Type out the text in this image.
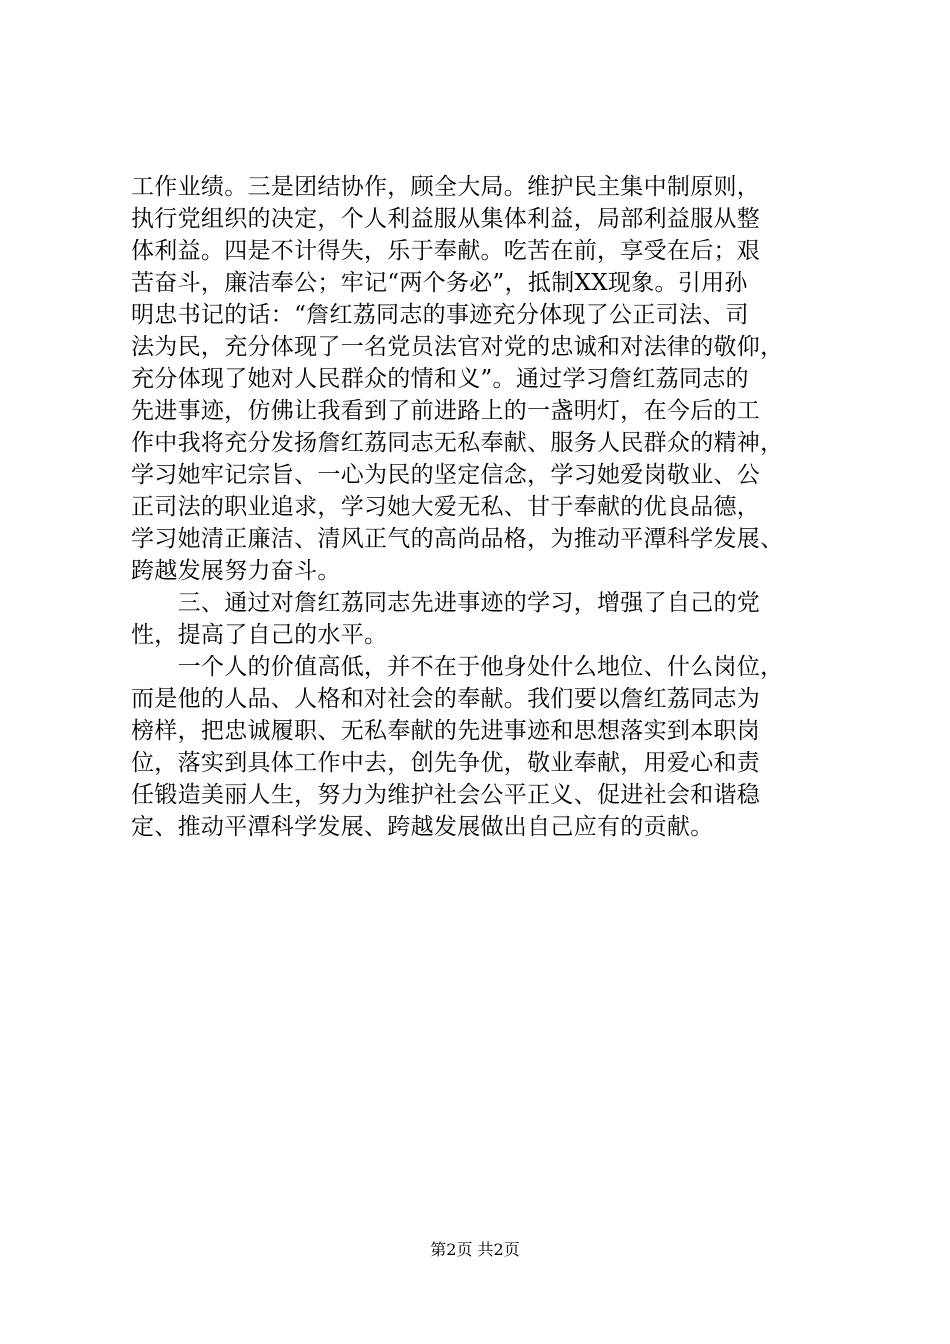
工作业绩。三是团结协作，顾全大局。维护民主集中制原则，
执行党组织的决定，个人利益服从集体利益，局部利益服从整
体利益。四是不计得失，乐于奉献。吃苦在前，享受在后；艰
苦奋斗，廉洁奉公；牢记“两个务必”，抵制XX现象。引用孙
明忠书记的话：“詹红荔同志的事迹充分体现了公正司法、司
法为民，充分体现了一名党员法官对党的忠诚和对法律的敬仰，
充分体现了她对人民群众的情和义”。通过学习詹红荔同志的
先进事迹，仿佛让我看到了前进路上的一盏明灯，在今后的工
作中我将充分发扬詹红荔同志无私奉献、服务人民群众的精神，
学习她牢记宗旨、一心为民的坚定信念，学习她爱岗敬业、公
正司法的职业追求，学习她大爱无私、甘于奉献的优良品德，
学习她清正廉洁、清风正气的高尚品格，为推动平潭科学发展、
跨越发展努力奋斗。
　　三、通过对詹红荔同志先进事迹的学习，增强了自己的党
性，提高了自己的水平。
　　一个人的价值高低，并不在于他身处什么地位、什么岗位，
而是他的人品、人格和对社会的奉献。我们要以詹红荔同志为
榜样，把忠诚履职、无私奉献的先进事迹和思想落实到本职岗
位，落实到具体工作中去，创先争优，敬业奉献，用爱心和责
任锻造美丽人生，努力为维护社会公平正义、促进社会和谐稳
定、推动平潭科学发展、跨越发展做出自己应有的贡献。
第2页 共2页
